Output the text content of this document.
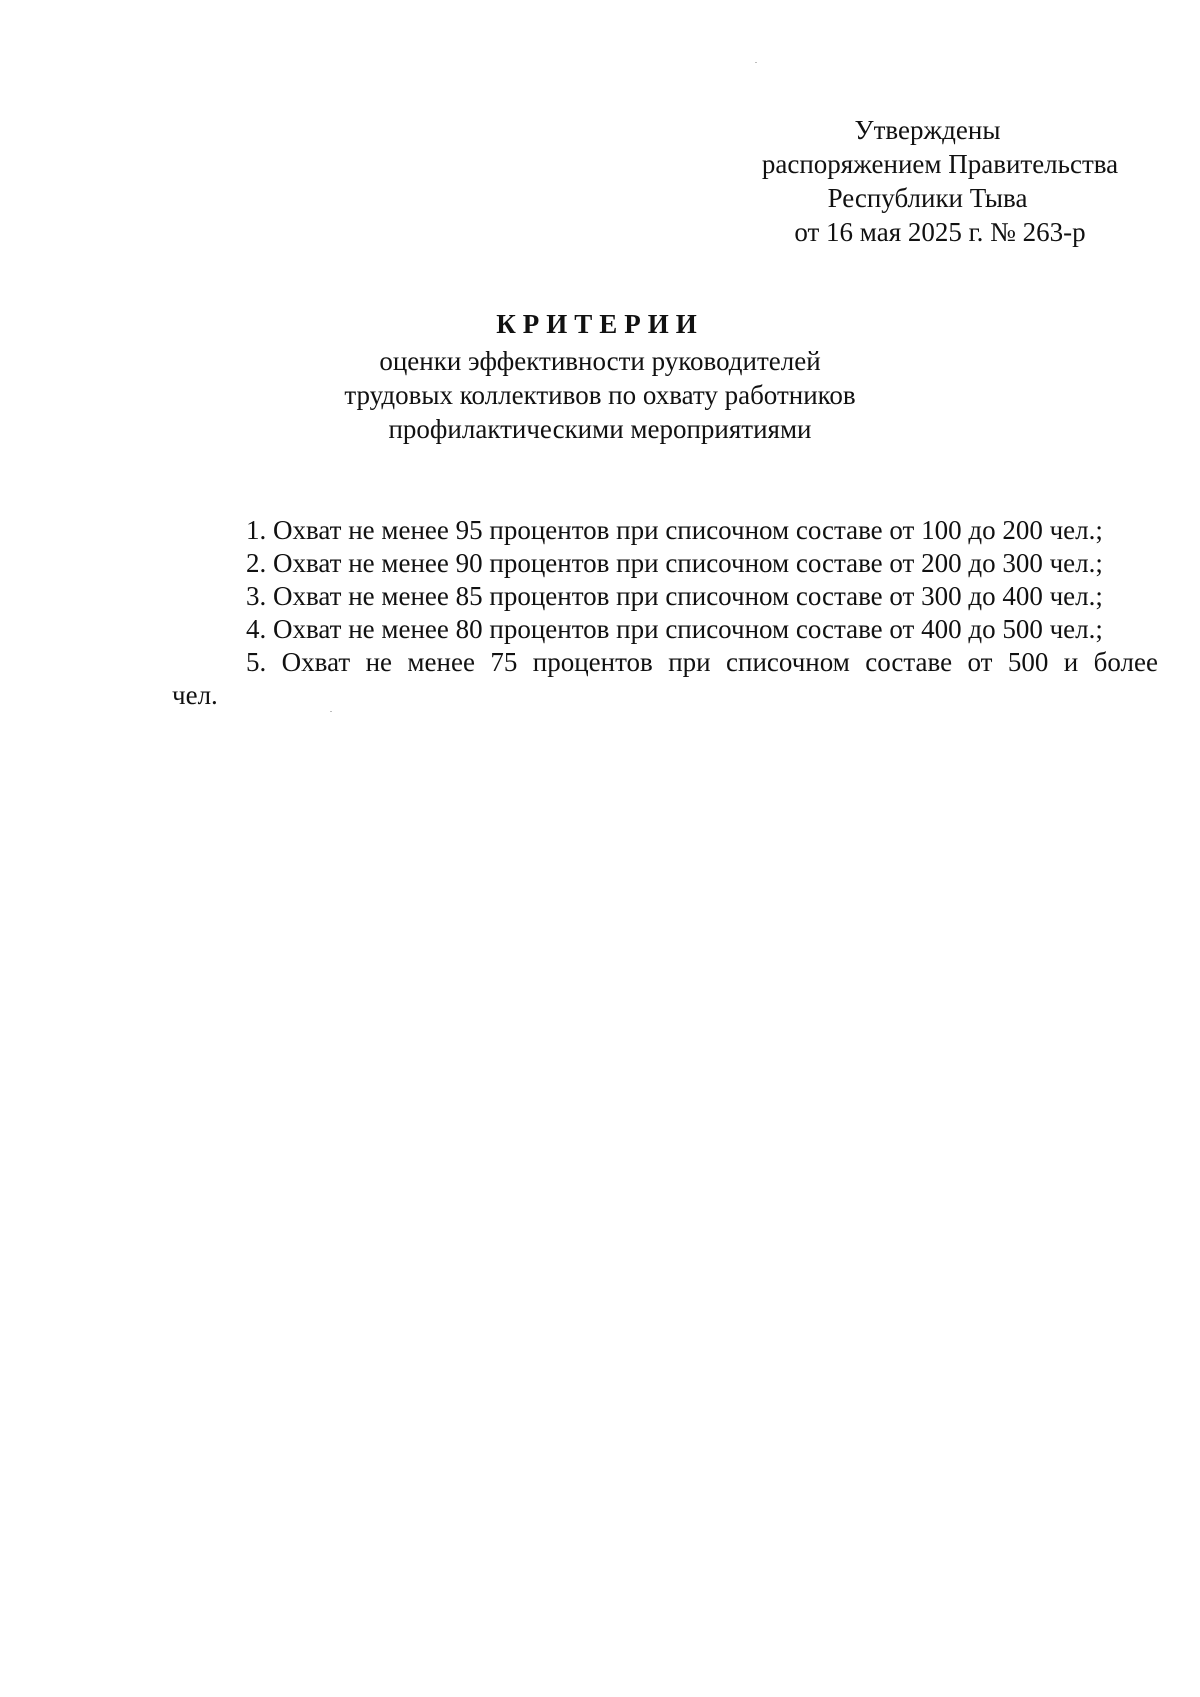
Утверждены
распоряжением Правительства
Республики Тыва
от 16 мая 2025 г. № 263-р
КРИТЕРИИ
оценки эффективности руководителей
трудовых коллективов по охвату работников
профилактическими мероприятиями
1. Охват не менее 95 процентов при списочном составе от 100 до 200 чел.;
2. Охват не менее 90 процентов при списочном составе от 200 до 300 чел.;
3. Охват не менее 85 процентов при списочном составе от 300 до 400 чел.;
4. Охват не менее 80 процентов при списочном составе от 400 до 500 чел.;
5. Охват не менее 75 процентов при списочном составе от 500 и более чел.
